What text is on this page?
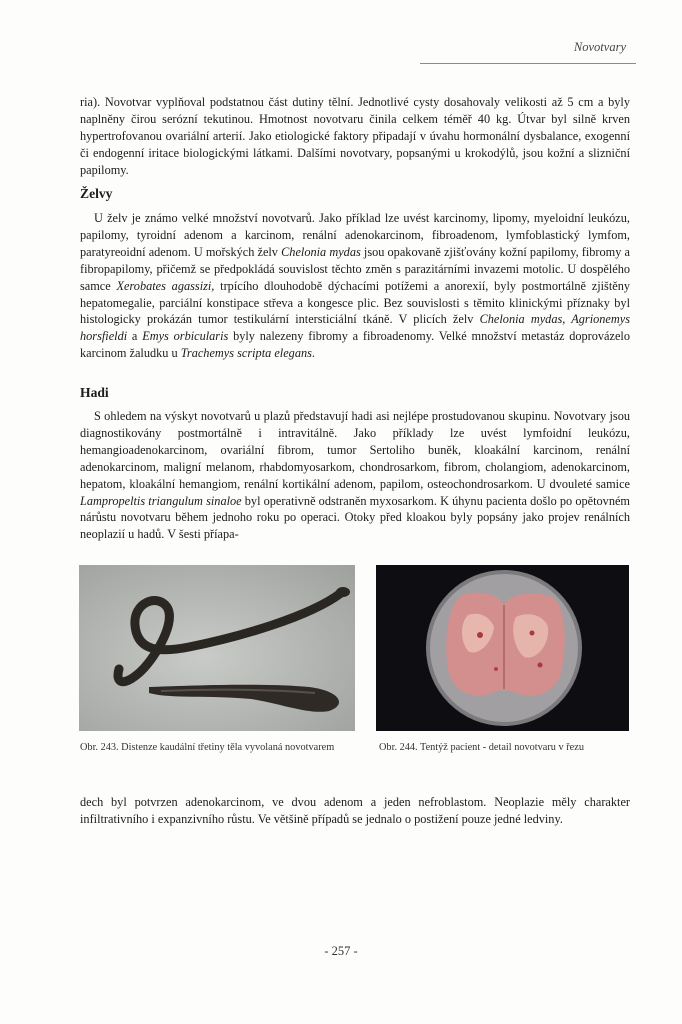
Novotvary

ria). Novotvar vyplňoval podstatnou část dutiny tělní. Jednotlivé cysty dosahovaly velikosti až 5 cm a byly naplněny čirou serózní tekutinou. Hmotnost novotvaru činila celkem téměř 40 kg. Útvar byl silně krven hypertrofovanou ovariální arterií. Jako etiologické faktory připadají v úvahu hormonální dysbalance, exogenní či endogenní iritace biologickými látkami. Dalšími novotvary, popsanými u krokodýlů, jsou kožní a slizniční papilomy.

Želvy

U želv je známo velké množství novotvarů. Jako příklad lze uvést karcinomy, lipomy, myeloidní leukózu, papilomy, tyroidní adenom a karcinom, renální adenokarcinom, fibroadenom, lymfoblastický lymfom, paratyreoidní adenom. U mořských želv Chelonia mydas jsou opakovaně zjišťovány kožní papilomy, fibromy a fibropapilomy, přičemž se předpokládá souvislost těchto změn s parazitárními invazemi motolic. U dospělého samce Xerobates agassizi, trpícího dlouhodobě dýchacími potížemi a anorexií, byly postmortálně zjištěny hepatomegalie, parciální konstipace střeva a kongesce plic. Bez souvislosti s těmito klinickými příznaky byl histologicky prokázán tumor testikulární intersticiální tkáně. V plicích želv Chelonia mydas, Agrionemys horsfieldi a Emys orbicularis byly nalezeny fibromy a fibroadenomy. Velké množství metastáz doprovázelo karcinom žaludku u Trachemys scripta elegans.

Hadi

S ohledem na výskyt novotvarů u plazů představují hadi asi nejlépe prostudovanou skupinu. Novotvary jsou diagnostikovány postmortálně i intravitálně. Jako příklady lze uvést lymfoidní leukózu, hemangioadenokarcinom, ovariální fibrom, tumor Sertoliho buněk, kloakální karcinom, renální adenokarcinom, maligní melanom, rhabdomyosarkom, chondrosarkom, fibrom, cholangiom, adenokarcinom, hepatom, kloakální hemangiom, renální kortikální adenom, papilom, osteochondrosarkom. U dvouleté samice Lampropeltis triangulum sinaloe byl operativně odstraněn myxosarkom. K úhynu pacienta došlo po opětovném nárůstu novotvaru během jednoho roku po operaci. Otoky před kloakou byly popsány jako projev renálních neoplazií u hadů. V šesti příapa-

Obr. 243. Distenze kaudální třetiny těla vyvolaná novotvarem	Obr. 244. Tentýž pacient - detail novotvaru v řezu

dech byl potvrzen adenokarcinom, ve dvou adenom a jeden nefroblastom. Neoplazie měly charakter infiltrativního i expanzivního růstu. Ve většině případů se jednalo o postižení pouze jedné ledviny.

- 257 -
